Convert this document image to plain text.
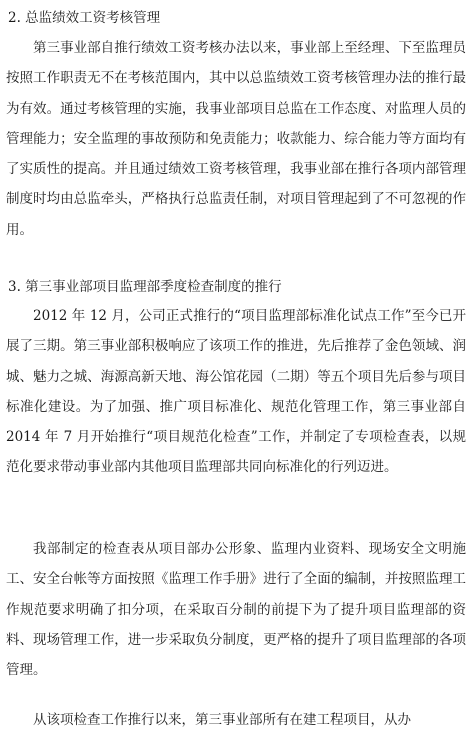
2. 总监绩效工资考核管理

第三事业部自推行绩效工资考核办法以来，事业部上至经理、下至监理员按照工作职责无不在考核范围内，其中以总监绩效工资考核管理办法的推行最为有效。通过考核管理的实施，我事业部项目总监在工作态度、对监理人员的管理能力；安全监理的事故预防和免责能力；收款能力、综合能力等方面均有了实质性的提高。并且通过绩效工资考核管理，我事业部在推行各项内部管理制度时均由总监牵头，严格执行总监责任制，对项目管理起到了不可忽视的作用。

3. 第三事业部项目监理部季度检查制度的推行

2012 年 12 月，公司正式推行的“项目监理部标准化试点工作”至今已开展了三期。第三事业部积极响应了该项工作的推进，先后推荐了金色领域、润城、魅力之城、海源高新天地、海公馆花园（二期）等五个项目先后参与项目标准化建设。为了加强、推广项目标准化、规范化管理工作，第三事业部自 2014 年 7 月开始推行“项目规范化检查”工作，并制定了专项检查表，以规范化要求带动事业部内其他项目监理部共同向标准化的行列迈进。

我部制定的检查表从项目部办公形象、监理内业资料、现场安全文明施工、安全台帐等方面按照《监理工作手册》进行了全面的编制，并按照监理工作规范要求明确了扣分项，在采取百分制的前提下为了提升项目监理部的资料、现场管理工作，进一步采取负分制度，更严格的提升了项目监理部的各项管理。

从该项检查工作推行以来，第三事业部所有在建工程项目，从办
